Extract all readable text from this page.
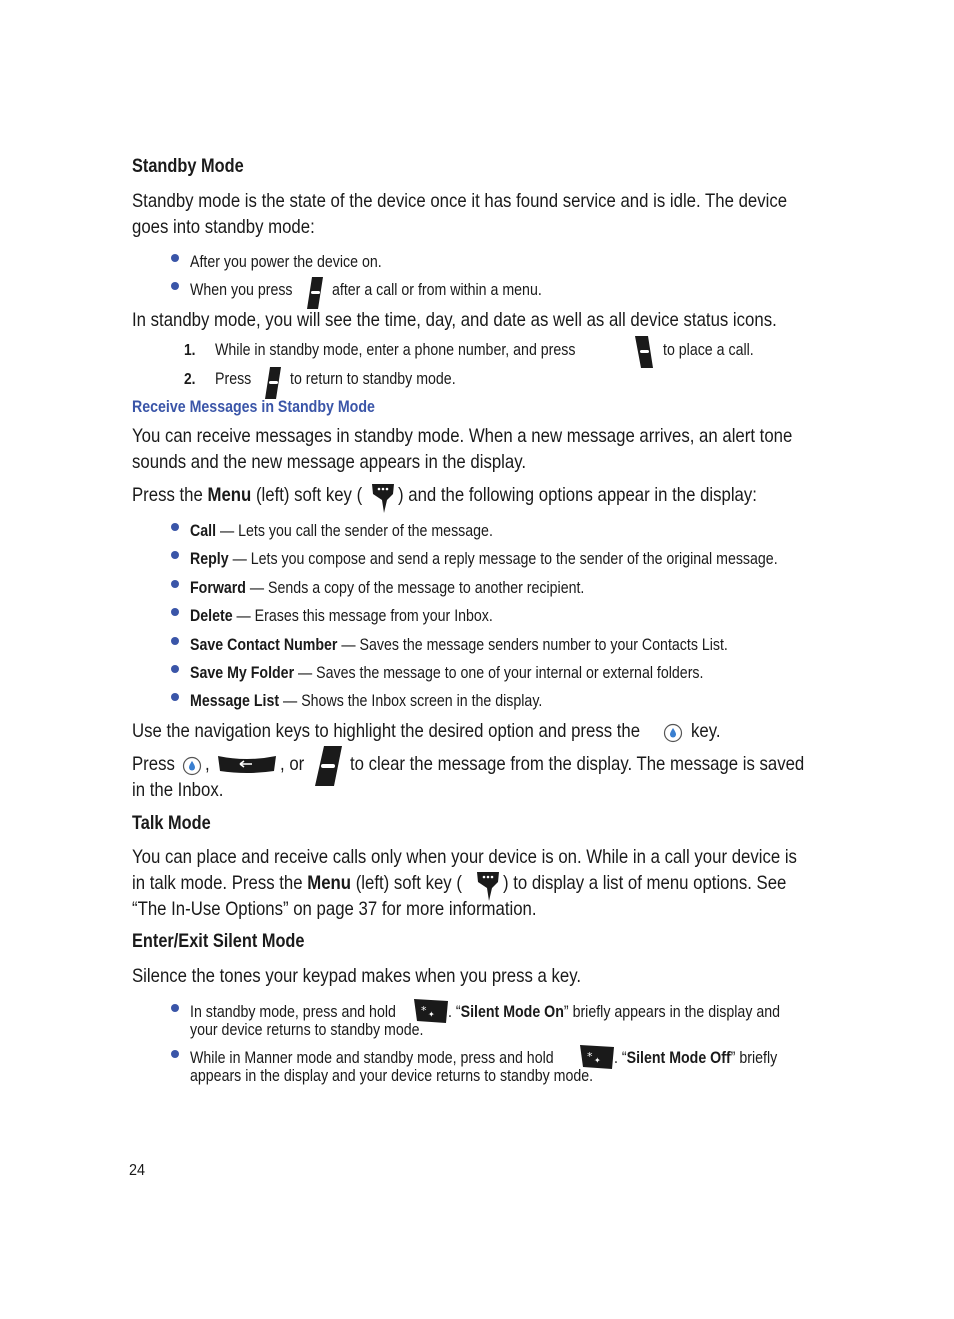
Standby Mode
Standby mode is the state of the device once it has found service and is idle. The device
goes into standby mode:
After you power the device on.
When you press after a call or from within a menu.
In standby mode, you will see the time, day, and date as well as all device status icons.
1. While in standby mode, enter a phone number, and press	to place a call.
2. Press to return to standby mode.
Receive Messages in Standby Mode
You can receive messages in standby mode. When a new message arrives, an alert tone
sounds and the new message appears in the display.
Press the Menu (left) soft key ( ) and the following options appear in the display:
Call — Lets you call the sender of the message.
Reply — Lets you compose and send a reply message to the sender of the original message.
Forward — Sends a copy of the message to another recipient.
Delete — Erases this message from your Inbox.
Save Contact Number — Saves the message senders number to your Contacts List.
Save My Folder — Saves the message to one of your internal or external folders.
Message List — Shows the Inbox screen in the display.
Use the navigation keys to highlight the desired option and press the	key.
Press ,	, or to clear the message from the display. The message is saved
in the Inbox.
Talk Mode
You can place and receive calls only when your device is on. While in a call your device is
in talk mode. Press the Menu (left) soft key ( ) to display a list of menu options. See
“The In-Use Options” on page 37 for more information.
Enter/Exit Silent Mode
Silence the tones your keypad makes when you press a key.
In standby mode, press and hold * ✦ . “Silent Mode On” briefly appears in the display and
your device returns to standby mode.
While in Manner mode and standby mode, press and hold	* ✦ . “Silent Mode Off” briefly
appears in the display and your device returns to standby mode.
24
